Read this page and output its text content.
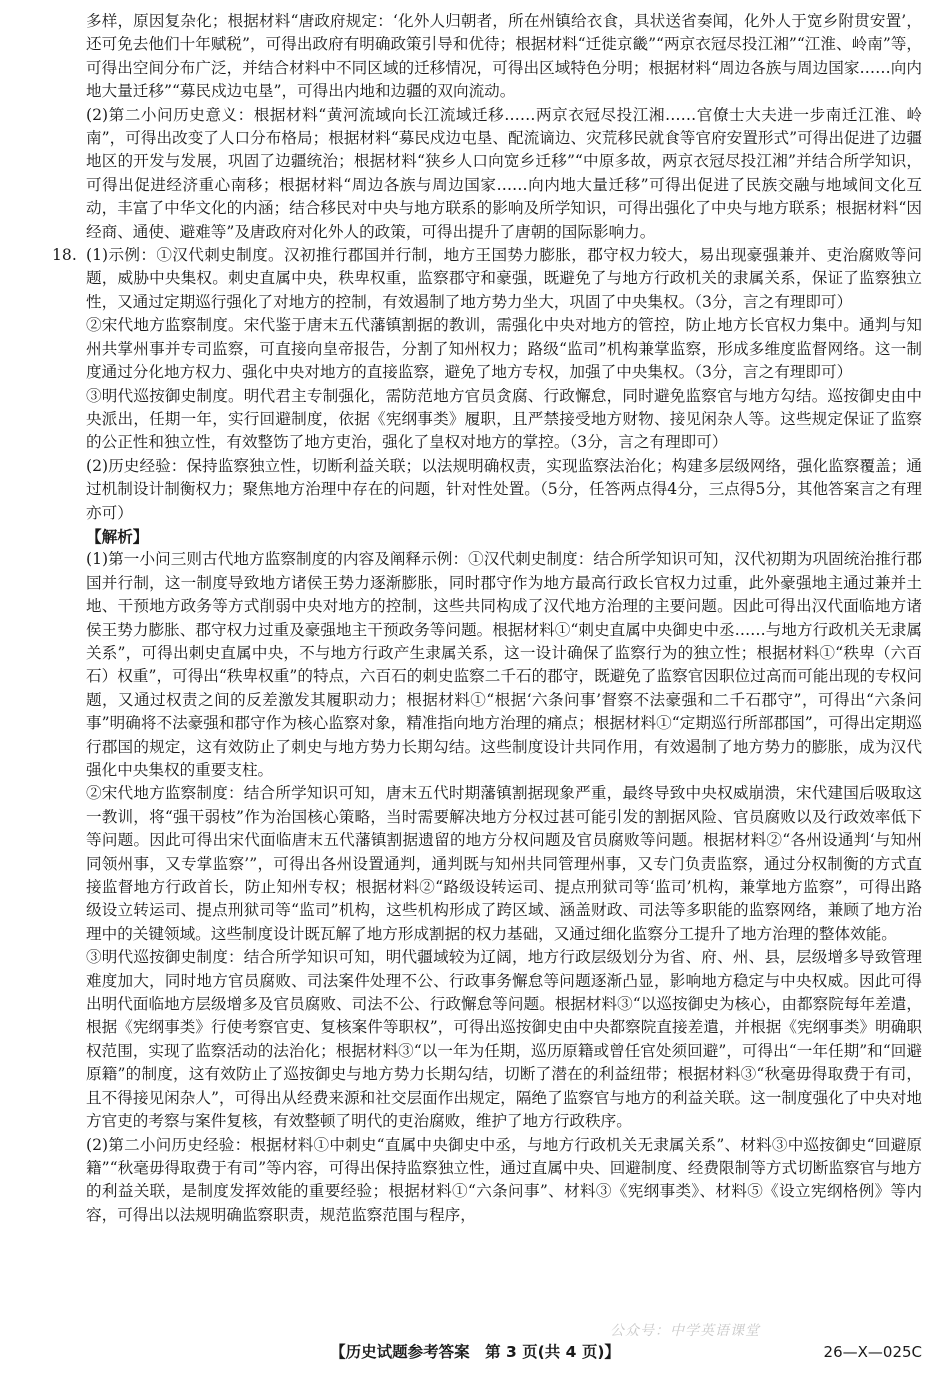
多样，原因复杂化；根据材料“唐政府规定：‘化外人归朝者，所在州镇给衣食，具状送省奏闻，化外人于宽乡附贯安置’，还可免去他们十年赋税”，可得出政府有明确政策引导和优待；根据材料“迁徙京畿”“两京衣冠尽投江湘”“江淮、岭南”等，可得出空间分布广泛，并结合材料中不同区域的迁移情况，可得出区域特色分明；根据材料“周边各族与周边国家……向内地大量迁移”“募民戍边屯垦”，可得出内地和边疆的双向流动。

(2)第二小问历史意义：根据材料“黄河流域向长江流域迁移……两京衣冠尽投江湘……官僚士大夫进一步南迁江淮、岭南”，可得出改变了人口分布格局；根据材料“募民戍边屯垦、配流谪边、灾荒移民就食等官府安置形式”可得出促进了边疆地区的开发与发展，巩固了边疆统治；根据材料“狭乡人口向宽乡迁移”“中原多故，两京衣冠尽投江湘”并结合所学知识，可得出促进经济重心南移；根据材料“周边各族与周边国家……向内地大量迁移”可得出促进了民族交融与地域间文化互动，丰富了中华文化的内涵；结合移民对中央与地方联系的影响及所学知识，可得出强化了中央与地方联系；根据材料“因经商、通使、避难等”及唐政府对化外人的政策，可得出提升了唐朝的国际影响力。

18. (1)示例：①汉代刺史制度。汉初推行郡国并行制，地方王国势力膨胀，郡守权力较大，易出现豪强兼并、吏治腐败等问题，威胁中央集权。刺史直属中央，秩卑权重，监察郡守和豪强，既避免了与地方行政机关的隶属关系，保证了监察独立性，又通过定期巡行强化了对地方的控制，有效遏制了地方势力坐大，巩固了中央集权。（3分，言之有理即可）

②宋代地方监察制度。宋代鉴于唐末五代藩镇割据的教训，需强化中央对地方的管控，防止地方长官权力集中。通判与知州共掌州事并专司监察，可直接向皇帝报告，分割了知州权力；路级“监司”机构兼掌监察，形成多维度监督网络。这一制度通过分化地方权力、强化中央对地方的直接监察，避免了地方专权，加强了中央集权。（3分，言之有理即可）

③明代巡按御史制度。明代君主专制强化，需防范地方官员贪腐、行政懈怠，同时避免监察官与地方勾结。巡按御史由中央派出，任期一年，实行回避制度，依据《宪纲事类》履职，且严禁接受地方财物、接见闲杂人等。这些规定保证了监察的公正性和独立性，有效整饬了地方吏治，强化了皇权对地方的掌控。（3分，言之有理即可）

(2)历史经验：保持监察独立性，切断利益关联；以法规明确权责，实现监察法治化；构建多层级网络，强化监察覆盖；通过机制设计制衡权力；聚焦地方治理中存在的问题，针对性处置。（5分，任答两点得4分，三点得5分，其他答案言之有理亦可）

【解析】

(1)第一小问三则古代地方监察制度的内容及阐释示例：①汉代刺史制度：结合所学知识可知，汉代初期为巩固统治推行郡国并行制，这一制度导致地方诸侯王势力逐渐膨胀，同时郡守作为地方最高行政长官权力过重，此外豪强地主通过兼并土地、干预地方政务等方式削弱中央对地方的控制，这些共同构成了汉代地方治理的主要问题。因此可得出汉代面临地方诸侯王势力膨胀、郡守权力过重及豪强地主干预政务等问题。根据材料①“刺史直属中央御史中丞……与地方行政机关无隶属关系”，可得出刺史直属中央，不与地方行政产生隶属关系，这一设计确保了监察行为的独立性；根据材料①“秩卑（六百石）权重”，可得出“秩卑权重”的特点，六百石的刺史监察二千石的郡守，既避免了监察官因职位过高而可能出现的专权问题，又通过权责之间的反差激发其履职动力；根据材料①“根据‘六条问事’督察不法豪强和二千石郡守”，可得出“六条问事”明确将不法豪强和郡守作为核心监察对象，精准指向地方治理的痛点；根据材料①“定期巡行所部郡国”，可得出定期巡行郡国的规定，这有效防止了刺史与地方势力长期勾结。这些制度设计共同作用，有效遏制了地方势力的膨胀，成为汉代强化中央集权的重要支柱。

②宋代地方监察制度：结合所学知识可知，唐末五代时期藩镇割据现象严重，最终导致中央权威崩溃，宋代建国后吸取这一教训，将“强干弱枝”作为治国核心策略，当时需要解决地方分权过甚可能引发的割据风险、官员腐败以及行政效率低下等问题。因此可得出宋代面临唐末五代藩镇割据遗留的地方分权问题及官员腐败等问题。根据材料②“各州设通判‘与知州同领州事，又专掌监察’”，可得出各州设置通判，通判既与知州共同管理州事，又专门负责监察，通过分权制衡的方式直接监督地方行政首长，防止知州专权；根据材料②“路级设转运司、提点刑狱司等‘监司’机构，兼掌地方监察”，可得出路级设立转运司、提点刑狱司等“监司”机构，这些机构形成了跨区域、涵盖财政、司法等多职能的监察网络，兼顾了地方治理中的关键领域。这些制度设计既瓦解了地方形成割据的权力基础，又通过细化监察分工提升了地方治理的整体效能。

③明代巡按御史制度：结合所学知识可知，明代疆域较为辽阔，地方行政层级划分为省、府、州、县，层级增多导致管理难度加大，同时地方官员腐败、司法案件处理不公、行政事务懈怠等问题逐渐凸显，影响地方稳定与中央权威。因此可得出明代面临地方层级增多及官员腐败、司法不公、行政懈怠等问题。根据材料③“以巡按御史为核心，由都察院每年差遣，根据《宪纲事类》行使考察官吏、复核案件等职权”，可得出巡按御史由中央都察院直接差遣，并根据《宪纲事类》明确职权范围，实现了监察活动的法治化；根据材料③“以一年为任期，巡历原籍或曾任官处须回避”，可得出“一年任期”和“回避原籍”的制度，这有效防止了巡按御史与地方势力长期勾结，切断了潜在的利益纽带；根据材料③“秋毫毋得取费于有司，且不得接见闲杂人”，可得出从经费来源和社交层面作出规定，隔绝了监察官与地方的利益关联。这一制度强化了中央对地方官吏的考察与案件复核，有效整顿了明代的吏治腐败，维护了地方行政秩序。

(2)第二小问历史经验：根据材料①中刺史“直属中央御史中丞，与地方行政机关无隶属关系”、材料③中巡按御史“回避原籍”“秋毫毋得取费于有司”等内容，可得出保持监察独立性，通过直属中央、回避制度、经费限制等方式切断监察官与地方的利益关联，是制度发挥效能的重要经验；根据材料①“六条问事”、材料③《宪纲事类》、材料⑤《设立宪纲格例》等内容，可得出以法规明确监察职责，规范监察范围与程序，

公众号：中学英语课堂
【历史试题参考答案　第 3 页(共 4 页)】	26—X—025C
